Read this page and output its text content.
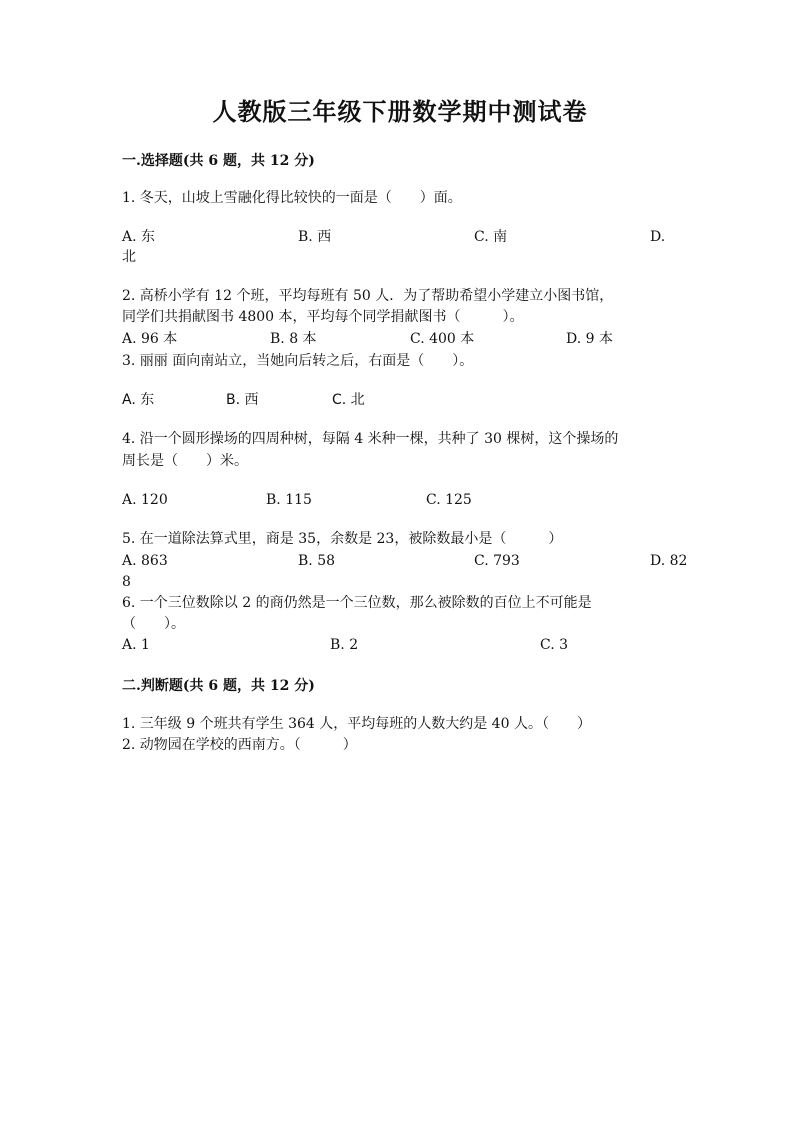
人教版三年级下册数学期中测试卷
一.选择题(共 6 题，共 12 分)
1. 冬天，山坡上雪融化得比较快的一面是（　　）面。
A. 东	B. 西	C. 南	D.
北
2. 高桥小学有 12 个班，平均每班有 50 人．为了帮助希望小学建立小图书馆，
同学们共捐献图书 4800 本，平均每个同学捐献图书（　　　）。
A. 96 本	B. 8 本	C. 400 本	D. 9 本
3. 丽丽 面向南站立，当她向后转之后，右面是（　　）。
A. 东	B. 西	C. 北
4. 沿一个圆形操场的四周种树，每隔 4 米种一棵，共种了 30 棵树，这个操场的
周长是（　　）米。
A. 120	B. 115	C. 125
5. 在一道除法算式里，商是 35，余数是 23，被除数最小是（　　　）
A. 863	B. 58	C. 793	D. 82
8
6. 一个三位数除以 2 的商仍然是一个三位数，那么被除数的百位上不可能是
（　　）。
A. 1	B. 2	C. 3
二.判断题(共 6 题，共 12 分)
1. 三年级 9 个班共有学生 364 人，平均每班的人数大约是 40 人。（　　）
2. 动物园在学校的西南方。（　　　）
